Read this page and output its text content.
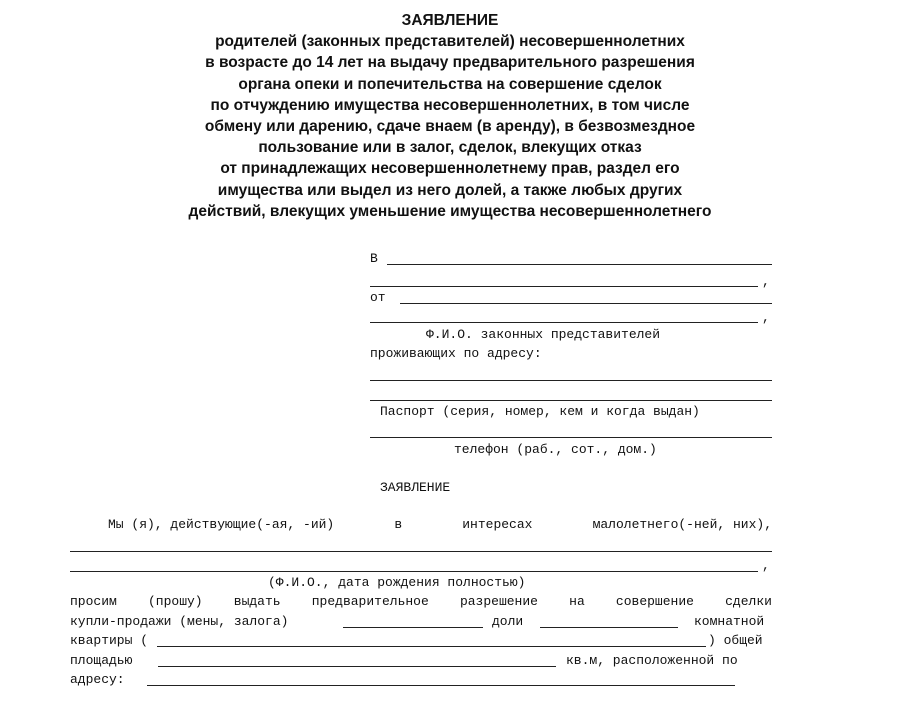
ЗАЯВЛЕНИЕ
родителей (законных представителей) несовершеннолетних
в возрасте до 14 лет на выдачу предварительного разрешения
органа опеки и попечительства на совершение сделок
по отчуждению имущества несовершеннолетних, в том числе
обмену или дарению, сдаче внаем (в аренду), в безвозмездное
пользование или в залог, сделок, влекущих отказ
от принадлежащих несовершеннолетнему прав, раздел его
имущества или выдел из него долей, а также любых других
действий, влекущих уменьшение имущества несовершеннолетнего
В
,
от
,
Ф.И.О. законных представителей
проживающих по адресу:
Паспорт (серия, номер, кем и когда выдан)
телефон (раб., сот., дом.)
ЗАЯВЛЕНИЕ
Мы (я), действующие(-ая, -ий)	в	интересах	малолетнего(-ней, них),
,
(Ф.И.О., дата рождения полностью)
просим (прошу) выдать предварительное разрешение на совершение сделки
купли-продажи (мены, залога)	доли	комнатной
квартиры (	) общей
площадью	кв.м, расположенной по
адресу:
